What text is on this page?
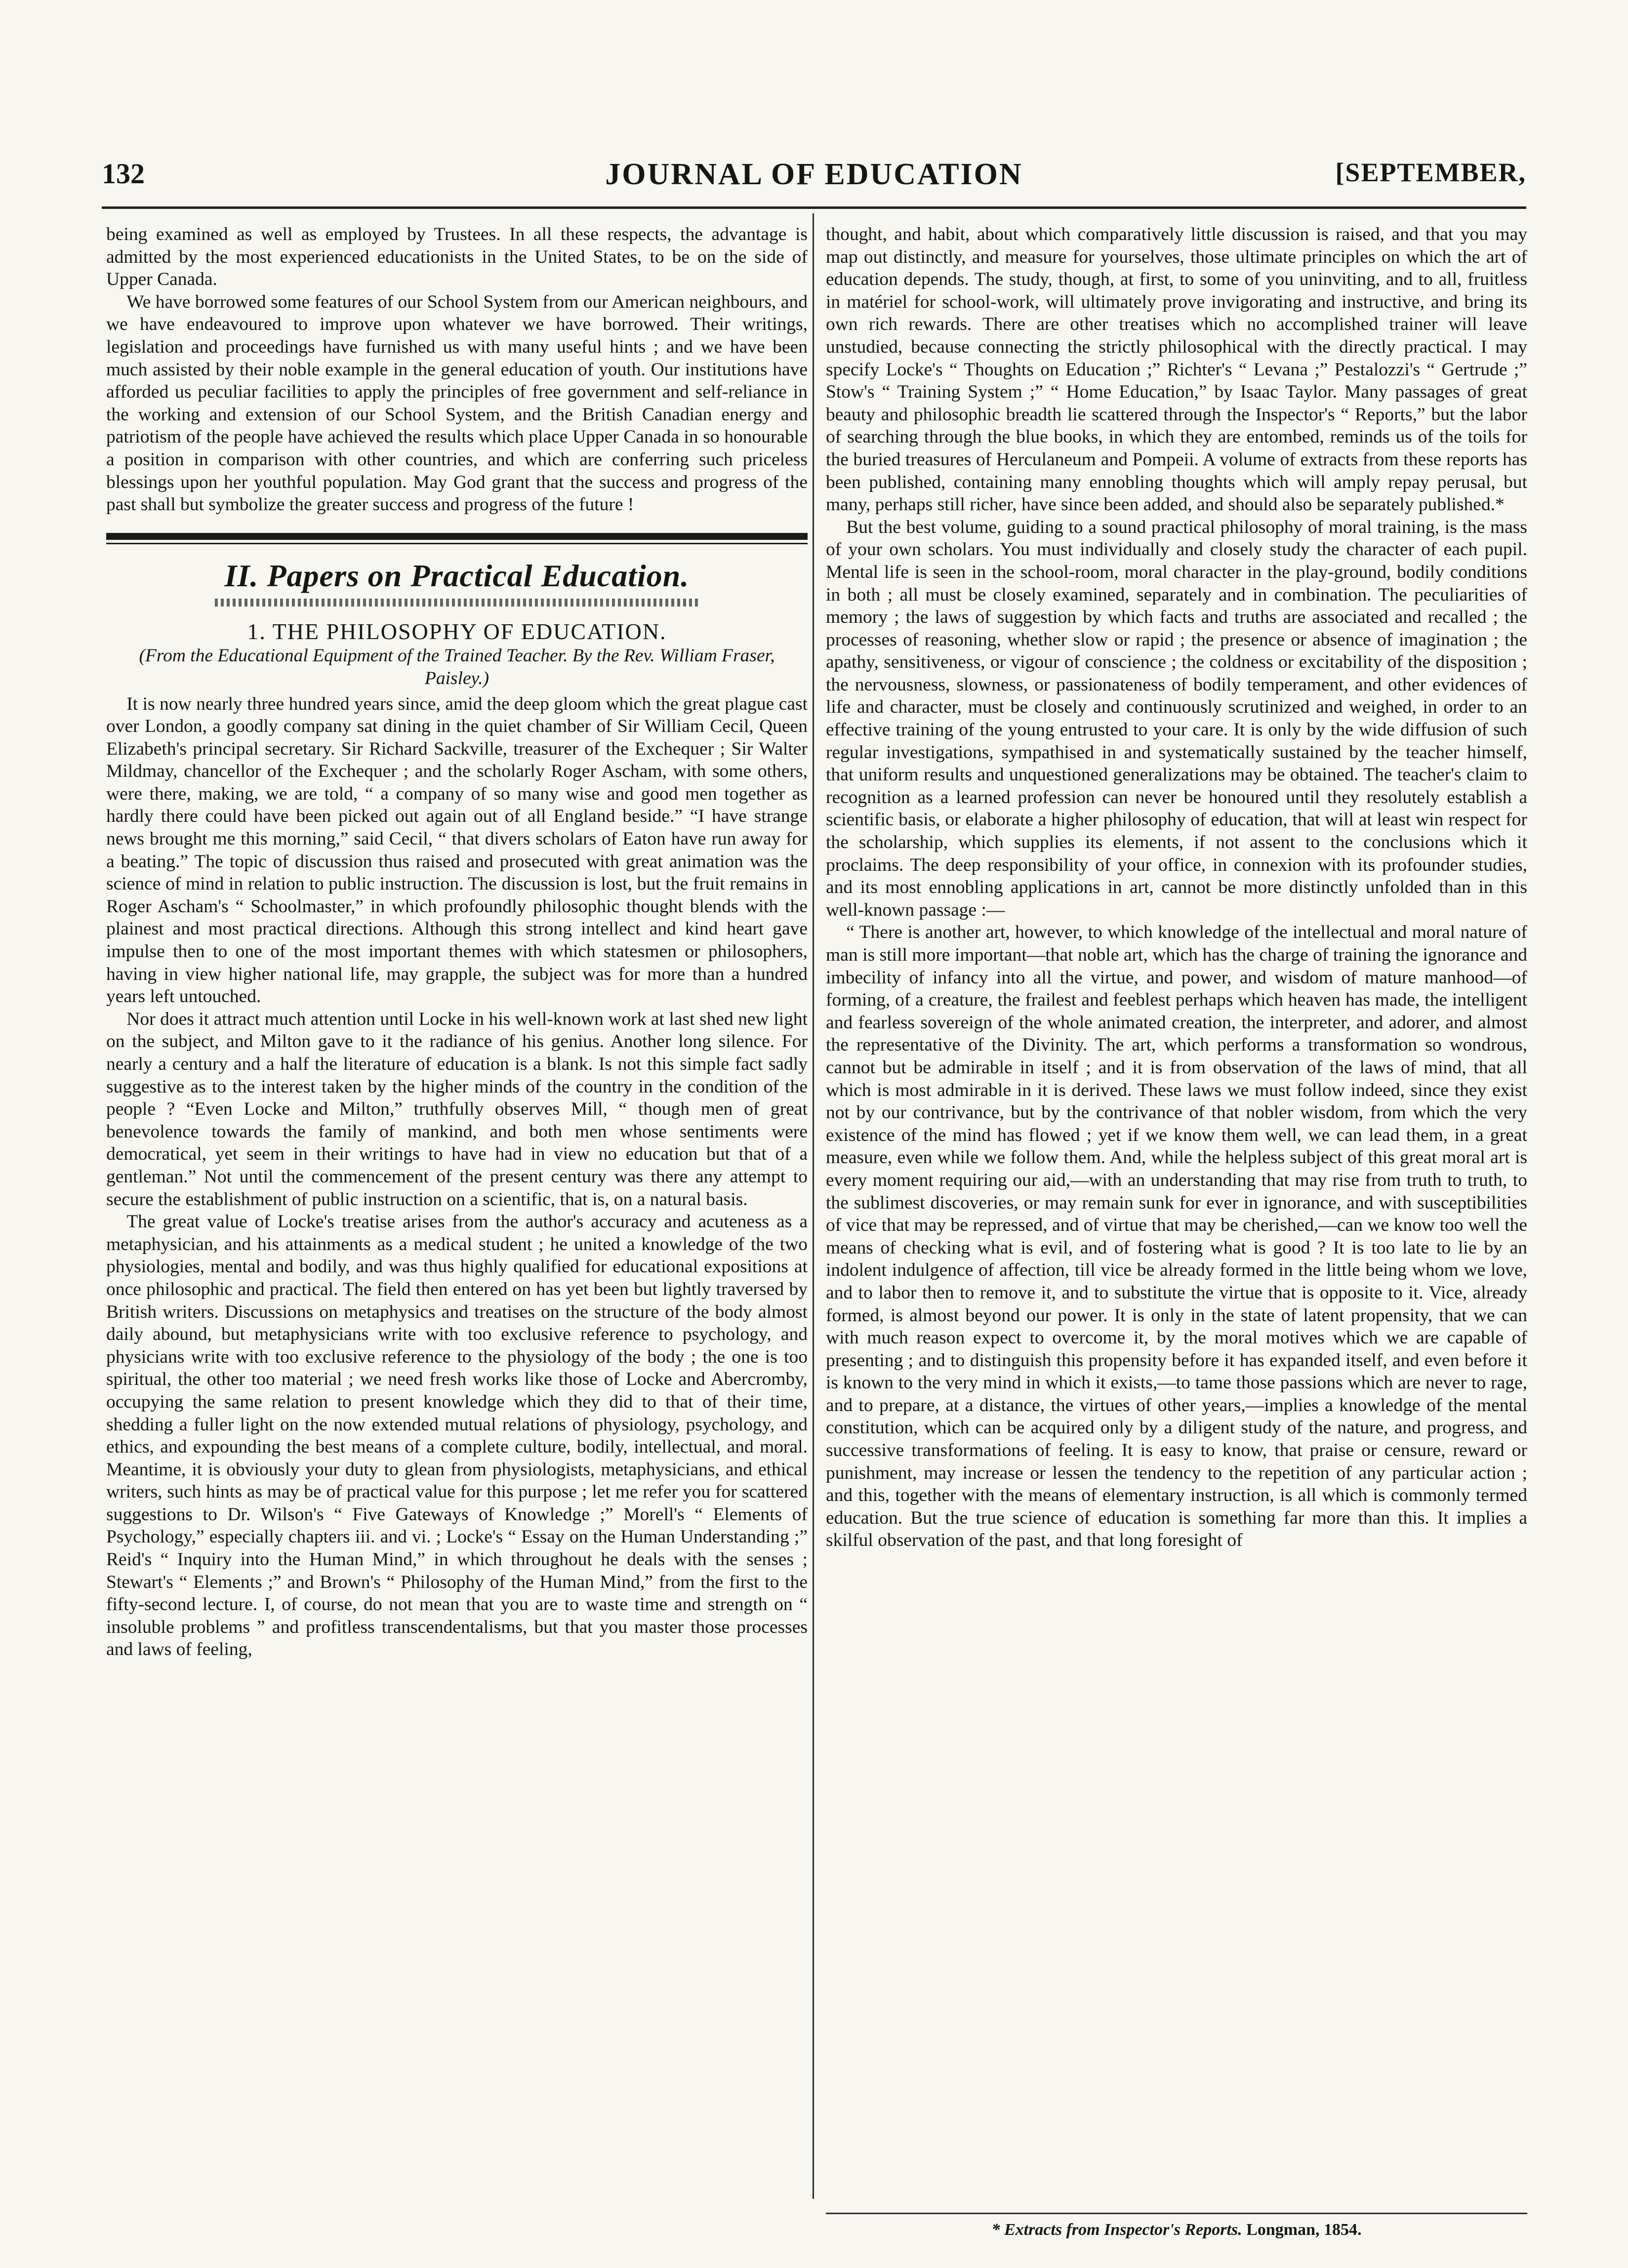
JOURNAL OF EDUCATION
132	[SEPTEMBER,

being examined as well as employed by Trustees. In all these respects, the advantage is admitted by the most experienced educationists in the United States, to be on the side of Upper Canada.

We have borrowed some features of our School System from our American neighbours, and we have endeavoured to improve upon whatever we have borrowed. Their writings, legislation and proceedings have furnished us with many useful hints ; and we have been much assisted by their noble example in the general education of youth. Our institutions have afforded us peculiar facilities to apply the principles of free government and self-reliance in the working and extension of our School System, and the British Canadian energy and patriotism of the people have achieved the results which place Upper Canada in so honourable a position in comparison with other countries, and which are conferring such priceless blessings upon her youthful population. May God grant that the success and progress of the past shall but symbolize the greater success and progress of the future !

II. Papers on Practical Education.
1. THE PHILOSOPHY OF EDUCATION.
(From the Educational Equipment of the Trained Teacher. By the Rev. William Fraser, Paisley.)

It is now nearly three hundred years since, amid the deep gloom which the great plague cast over London, a goodly company sat dining in the quiet chamber of Sir William Cecil, Queen Elizabeth's principal secretary. Sir Richard Sackville, treasurer of the Exchequer ; Sir Walter Mildmay, chancellor of the Exchequer ; and the scholarly Roger Ascham, with some others, were there, making, we are told, “ a company of so many wise and good men together as hardly there could have been picked out again out of all England beside.” “I have strange news brought me this morning,” said Cecil, “ that divers scholars of Eaton have run away for a beating.” The topic of discussion thus raised and prosecuted with great animation was the science of mind in relation to public instruction. The discussion is lost, but the fruit remains in Roger Ascham's “ Schoolmaster,” in which profoundly philosophic thought blends with the plainest and most practical directions. Although this strong intellect and kind heart gave impulse then to one of the most important themes with which statesmen or philosophers, having in view higher national life, may grapple, the subject was for more than a hundred years left untouched.

Nor does it attract much attention until Locke in his well-known work at last shed new light on the subject, and Milton gave to it the radiance of his genius. Another long silence. For nearly a century and a half the literature of education is a blank. Is not this simple fact sadly suggestive as to the interest taken by the higher minds of the country in the condition of the people ? “Even Locke and Milton,” truthfully observes Mill, “ though men of great benevolence towards the family of mankind, and both men whose sentiments were democratical, yet seem in their writings to have had in view no education but that of a gentleman.” Not until the commencement of the present century was there any attempt to secure the establishment of public instruction on a scientific, that is, on a natural basis.

The great value of Locke's treatise arises from the author's accuracy and acuteness as a metaphysician, and his attainments as a medical student ; he united a knowledge of the two physiologies, mental and bodily, and was thus highly qualified for educational expositions at once philosophic and practical. The field then entered on has yet been but lightly traversed by British writers. Discussions on metaphysics and treatises on the structure of the body almost daily abound, but metaphysicians write with too exclusive reference to psychology, and physicians write with too exclusive reference to the physiology of the body ; the one is too spiritual, the other too material ; we need fresh works like those of Locke and Abercromby, occupying the same relation to present knowledge which they did to that of their time, shedding a fuller light on the now extended mutual relations of physiology, psychology, and ethics, and expounding the best means of a complete culture, bodily, intellectual, and moral. Meantime, it is obviously your duty to glean from physiologists, metaphysicians, and ethical writers, such hints as may be of practical value for this purpose ; let me refer you for scattered suggestions to Dr. Wilson's “ Five Gateways of Knowledge ;” Morell's “ Elements of Psychology,” especially chapters iii. and vi. ; Locke's “ Essay on the Human Understanding ;” Reid's “ Inquiry into the Human Mind,” in which throughout he deals with the senses ; Stewart's “ Elements ;” and Brown's “ Philosophy of the Human Mind,” from the first to the fifty-second lecture. I, of course, do not mean that you are to waste time and strength on “ insoluble problems ” and profitless transcendentalisms, but that you master those processes and laws of feeling,

thought, and habit, about which comparatively little discussion is raised, and that you may map out distinctly, and measure for yourselves, those ultimate principles on which the art of education depends. The study, though, at first, to some of you uninviting, and to all, fruitless in matériel for school-work, will ultimately prove invigorating and instructive, and bring its own rich rewards. There are other treatises which no accomplished trainer will leave unstudied, because connecting the strictly philosophical with the directly practical. I may specify Locke's “ Thoughts on Education ;” Richter's “ Levana ;” Pestalozzi's “ Gertrude ;” Stow's “ Training System ;” “ Home Education,” by Isaac Taylor. Many passages of great beauty and philosophic breadth lie scattered through the Inspector's “ Reports,” but the labor of searching through the blue books, in which they are entombed, reminds us of the toils for the buried treasures of Herculaneum and Pompeii. A volume of extracts from these reports has been published, containing many ennobling thoughts which will amply repay perusal, but many, perhaps still richer, have since been added, and should also be separately published.*

But the best volume, guiding to a sound practical philosophy of moral training, is the mass of your own scholars. You must individually and closely study the character of each pupil. Mental life is seen in the school-room, moral character in the play-ground, bodily conditions in both ; all must be closely examined, separately and in combination. The peculiarities of memory ; the laws of suggestion by which facts and truths are associated and recalled ; the processes of reasoning, whether slow or rapid ; the presence or absence of imagination ; the apathy, sensitiveness, or vigour of conscience ; the coldness or excitability of the disposition ; the nervousness, slowness, or passionateness of bodily temperament, and other evidences of life and character, must be closely and continuously scrutinized and weighed, in order to an effective training of the young entrusted to your care. It is only by the wide diffusion of such regular investigations, sympathised in and systematically sustained by the teacher himself, that uniform results and unquestioned generalizations may be obtained. The teacher's claim to recognition as a learned profession can never be honoured until they resolutely establish a scientific basis, or elaborate a higher philosophy of education, that will at least win respect for the scholarship, which supplies its elements, if not assent to the conclusions which it proclaims. The deep responsibility of your office, in connexion with its profounder studies, and its most ennobling applications in art, cannot be more distinctly unfolded than in this well-known passage :—

“ There is another art, however, to which knowledge of the intellectual and moral nature of man is still more important—that noble art, which has the charge of training the ignorance and imbecility of infancy into all the virtue, and power, and wisdom of mature manhood—of forming, of a creature, the frailest and feeblest perhaps which heaven has made, the intelligent and fearless sovereign of the whole animated creation, the interpreter, and adorer, and almost the representative of the Divinity. The art, which performs a transformation so wondrous, cannot but be admirable in itself ; and it is from observation of the laws of mind, that all which is most admirable in it is derived. These laws we must follow indeed, since they exist not by our contrivance, but by the contrivance of that nobler wisdom, from which the very existence of the mind has flowed ; yet if we know them well, we can lead them, in a great measure, even while we follow them. And, while the helpless subject of this great moral art is every moment requiring our aid,—with an understanding that may rise from truth to truth, to the sublimest discoveries, or may remain sunk for ever in ignorance, and with susceptibilities of vice that may be repressed, and of virtue that may be cherished,—can we know too well the means of checking what is evil, and of fostering what is good ? It is too late to lie by an indolent indulgence of affection, till vice be already formed in the little being whom we love, and to labor then to remove it, and to substitute the virtue that is opposite to it. Vice, already formed, is almost beyond our power. It is only in the state of latent propensity, that we can with much reason expect to overcome it, by the moral motives which we are capable of presenting ; and to distinguish this propensity before it has expanded itself, and even before it is known to the very mind in which it exists,—to tame those passions which are never to rage, and to prepare, at a distance, the virtues of other years,—implies a knowledge of the mental constitution, which can be acquired only by a diligent study of the nature, and progress, and successive transformations of feeling. It is easy to know, that praise or censure, reward or punishment, may increase or lessen the tendency to the repetition of any particular action ; and this, together with the means of elementary instruction, is all which is commonly termed education. But the true science of education is something far more than this. It implies a skilful observation of the past, and that long foresight of

* Extracts from Inspector's Reports. Longman, 1854.
